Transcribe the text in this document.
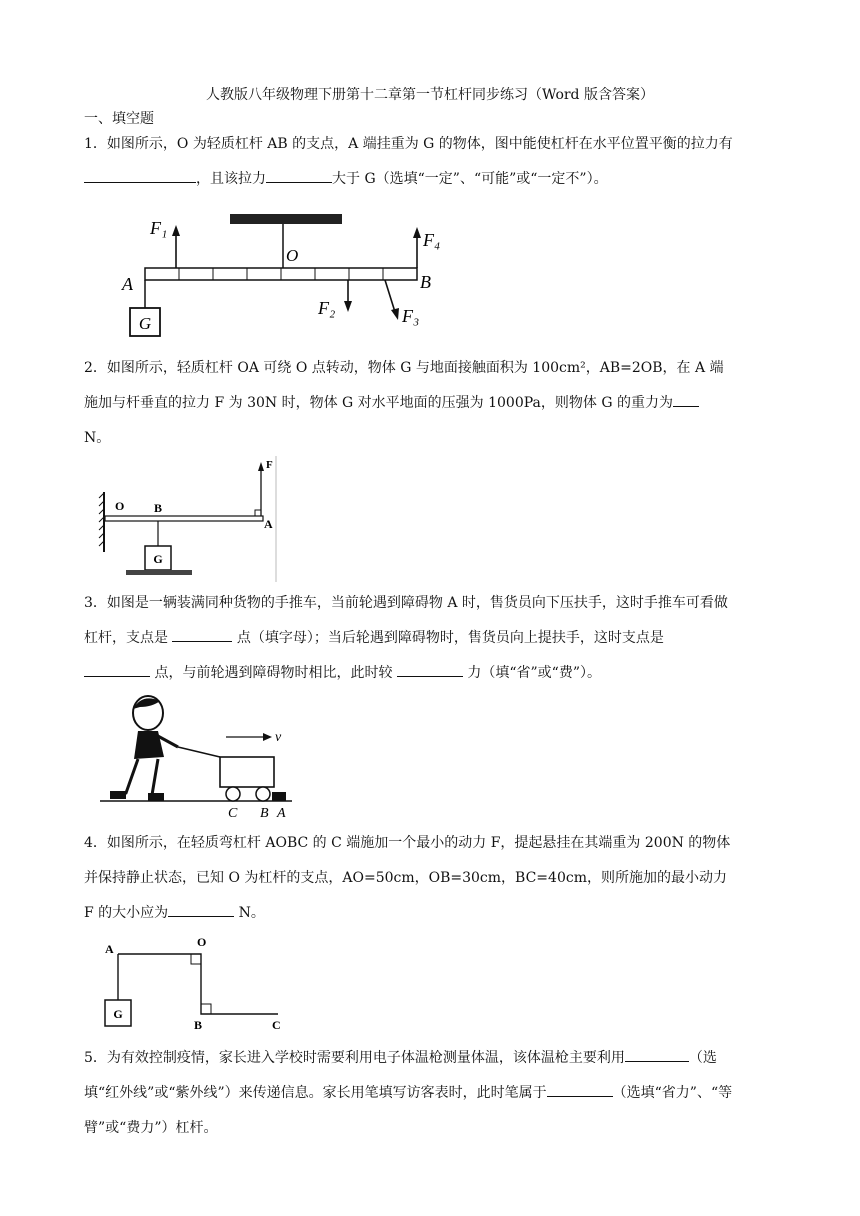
人教版八年级物理下册第十二章第一节杠杆同步练习（Word 版含答案）
一、填空题

1．如图所示，O 为轻质杠杆 AB 的支点，A 端挂重为 G 的物体，图中能使杠杆在水平位置平衡的拉力有，且该拉力	大于 G（选填“一定”、“可能”或“一定不”）。

G
F₁
F₂	F₃
F₄
O
A	B

2．如图所示，轻质杠杆 OA 可绕 O 点转动，物体 G 与地面接触面积为 100cm²，AB=2OB，在 A 端施加与杆垂直的拉力 F 为 30N 时，物体 G 对水平地面的压强为 1000Pa，则物体 G 的重力为
N。

G
O B
A
F

3．如图是一辆装满同种货物的手推车，当前轮遇到障碍物 A 时，售货员向下压扶手，这时手推车可看做杠杆，支点是	点（填字母）；当后轮遇到障碍物时，售货员向上提扶手，这时支点是  点，与前轮遇到障碍物时相比，此时较	力（填“省”或“费”）。

v
C B A

4．如图所示，在轻质弯杠杆 AOBC 的 C 端施加一个最小的动力 F，提起悬挂在其端重为 200N 的物体并保持静止状态，已知 O 为杠杆的支点，AO=50cm，OB=30cm，BC=40cm，则所施加的最小动力 F 的大小应为	N。

G
A	O
B	C

5．为有效控制疫情，家长进入学校时需要利用电子体温枪测量体温，该体温枪主要利用	（选填“红外线”或“紫外线”）来传递信息。家长用笔填写访客表时，此时笔属于	（选填“省力”、“等臂”或“费力”）杠杆。
